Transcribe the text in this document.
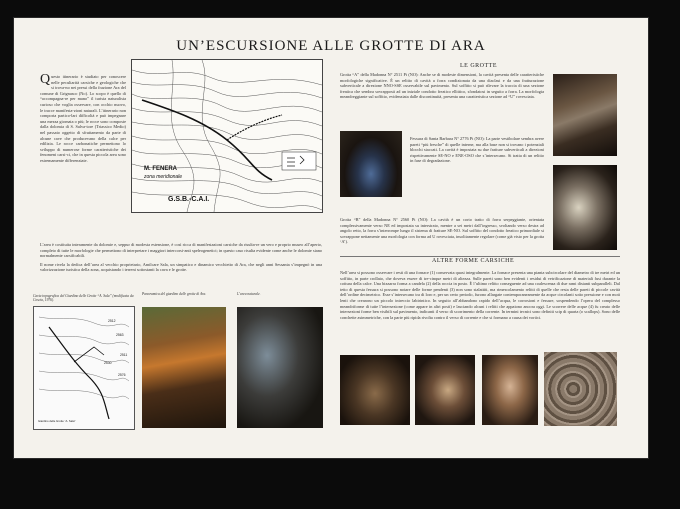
UN’ESCURSIONE ALLE GROTTE DI ARA
Questo itinerario è studiato per conoscere nelle peculiarità carsiche e geologiche che si trova-no nei pressi della frazione Ara del comune di Grignasco (No). Lo scopo è quello di “accompagna-re per mano” il turista naturalista curioso che voglia osservare, con occhio nuovo, le tracce manifesta-zioni naturali. L’itinerario non comporta partico-lari difficoltà e può impegnare una mezza giornata o più; le rocce sono composte dalla dolomia di S. Salva-tore (Triassico Medio) nel passato oggetto di sfruttamento da parte di alcune cave che producevano della calce per edilizia. Le rocce carbonatiche permettono lo sviluppo di numerose forme caratteristiche dei fenomeni carsi-ci, che in questa piccola area sono estremamente differenziate.
M. FENERA
zona meridionale
G.S.B.-C.A.I.

L’area è costituita interamente da dolomie e, seppur di modesta estensione, è così ricca di manifestazioni carsiche da risulta-re un vero e proprio museo all’aperto, completo di tutte le morfologie che permettono di interpretare i maggiori intercorsi-anti speleogenetici; in questo caso risulta evidente come anche le dolomie siano normalmente carsificabili.

Il nome rivela la dedica dell’area al vecchio proprietario, Amilcare Sala, un simpatico e dinamico vecchietto di Ara, che negli anni Sessanta s’impegnò in una valorizzazione turistica della zona, acquistando i terreni sottostanti la cava e le grotte.

LE GROTTE

Grotta “A” della Madonna N° 2511 Pi (NO): Anche se di modeste dimensioni, la cavità presenta delle caratteristiche morfologiche significative. È un relitto di cavità a forra condizionata da una diaclasi e da una fratturazione subverticale a direzione NNO-SSE osservabile sul pavimento. Sul soffitto si può rilevare la traccia di una sezione freatica che sembra sovrapposti ad un iniziale condotto freatico ellittico, sfondatosi in seguito a forra. La morfologia meandreggiante sul soffitto, evidenziata dalle discontinuità, presenta una caratteristica sezione ad “U” rovesciata.

Fessura di Santa Barbara N° 2776 Pi (NO): La parte vestibolare sembra avere pareti “più fresche” di quelle interne, ma alla base non si trovano i potenziali blocchi staccati. La cavità è impostata su due fratture subverticali a direzioni rispettivamente SE-NO e ENE-OSO che s’intersecano. Si tratta di un relitto in fase di degradazione.

Grotta “B” della Madonna N° 2560 Pi (NO): La cavità è un corto tratto di forra serpeggiante, orientata complessivamente verso NE ed impostata su interstrato, mentre a sei metri dall’ingresso, svoltando verso destra ad angolo retto, la forra s’interrompe lungo il sistema di fratture SE-NO. Sul soffitto del condotto freatico primordiale si sovrappone nettamente una morfologia con forma ad U rovesciata, insolitamente regolare (come già visto per la grotta ‘A’).

ALTRE FORME CARSICHE

Nell’area si possono osservare i resti di una fornace (1) conservata quasi integralmente. La fornace presenta una pianta subcircolare del diametro di tre metri ed un soffitto, in parte crollato, che doveva essere di tre-cinque metri di altezza. Sulle pareti sono ben evidenti i residui di vetrificazione di materiali fusi durante la cottura della calce. Una bizzarra forma a candela (2) della roccia in posto. È l’ultimo relitto conseguente ad una coalescenza di due rami distanti subparalleli. Dal tetto di questa fessura si possono notare delle forme pendenti (3) non sono stalattiti, ma rimescolamento relitti di quelle che resta delle pareti di piccole cavità dell’ordine decimetrico. Esse s’intersecano tra di loro e, per un certo periodo, furono allargate contemporaneamente da acque circolanti sotto pressione e con moti lenti che crearono un piccolo intreccio labirintico. In seguito all’abbandono rapido dell’acqua, le corrosioni e fessure, sospendendo l’opera del complesso meandriforme di tutte l’intersezione (come appare in altri posti) e lasciando alcuni i relitti che appaiono ancora oggi. Le scorrere delle acque (4) fu creato delle intersezioni forme ben visibili sul pavimento, indicanti il verso di scorrimento della corrente. In termini tecnici sono definiti scip di quarta (o scallops). Sono delle conchette asimmetriche, con la parte più ripida rivolta contro il verso di corrente e che si formano a causa dei vortici.

Carta topografica del Giardino delle Grotte “A. Sala” (modificata da Coscia, 1976).
2512
2563
2511
2576
2530
Giardino delle Grotte “A. Sala”
Panoramica del giardino delle grotte di Ara.	L’area naturale.
